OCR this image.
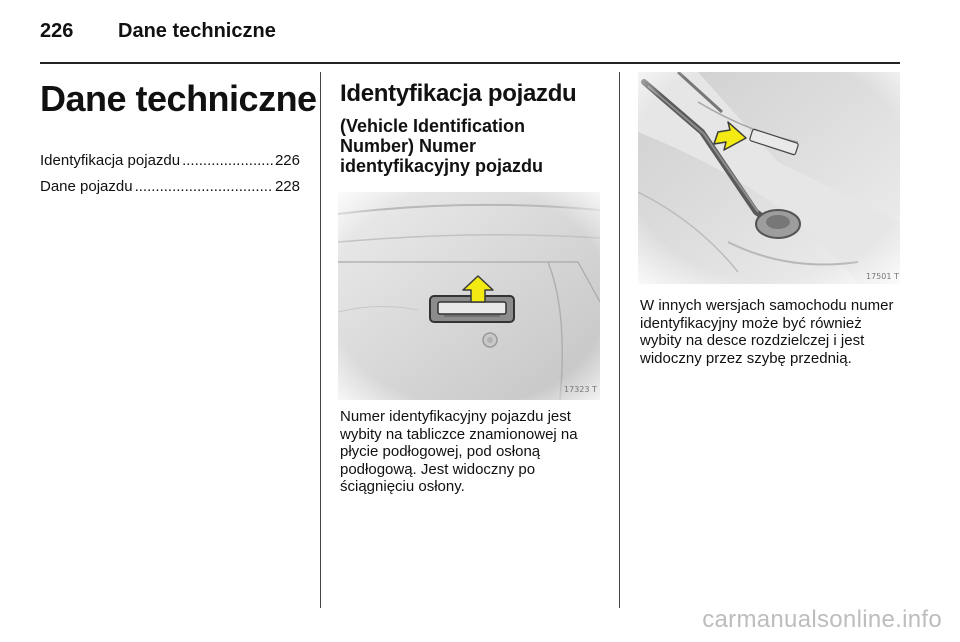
226 Dane techniczne
Dane techniczne
Identyfikacja pojazdu .....	226
Dane pojazdu .....	228
Identyfikacja pojazdu
(Vehicle Identification Number) Numer identyfikacyjny pojazdu
17323 T
17501 T
Numer identyfikacyjny pojazdu jest wybity na tabliczce znamionowej na płycie podłogowej, pod osłoną podłogową. Jest widoczny po ściągnięciu osłony.
W innych wersjach samochodu numer identyfikacyjny może być również wybity na desce rozdzielczej i jest widoczny przez szybę przednią.
carmanualsonline.info
